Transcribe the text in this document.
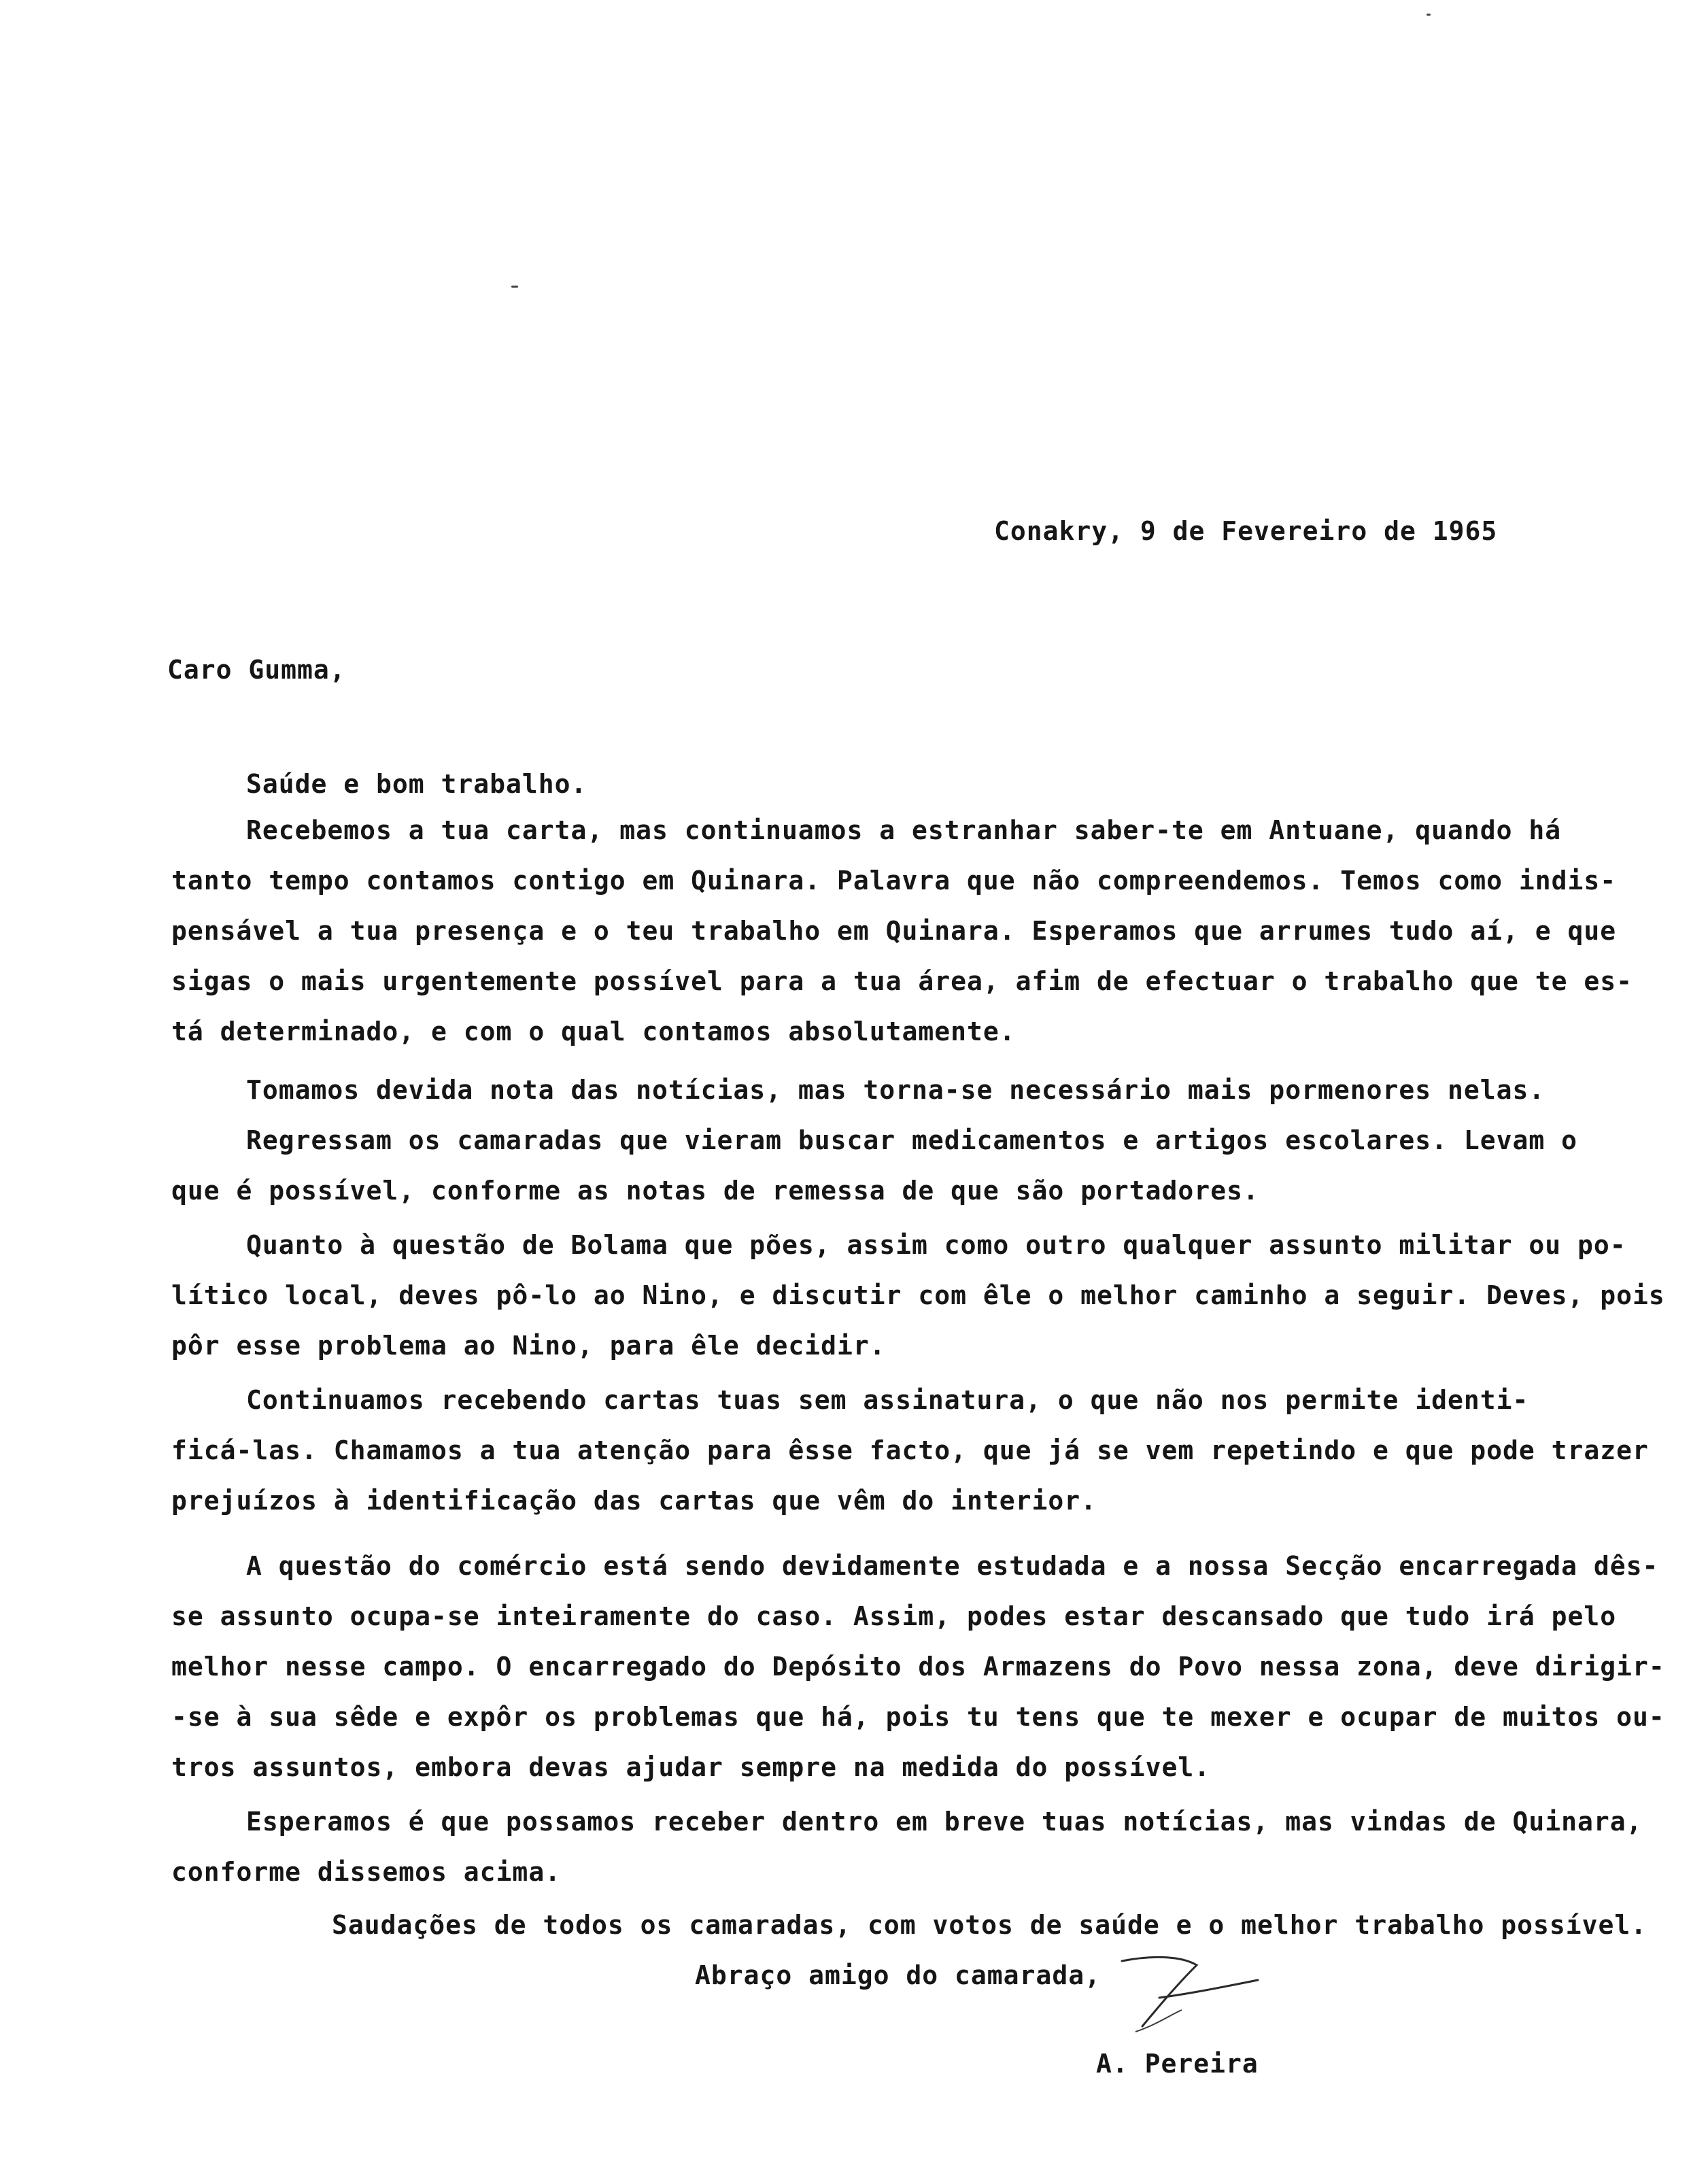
Conakry, 9 de Fevereiro de 1965
Caro Gumma,
Saúde e bom trabalho.
Recebemos a tua carta, mas continuamos a estranhar saber-te em Antuane, quando há
tanto tempo contamos contigo em Quinara. Palavra que não compreendemos. Temos como indis-
pensável a tua presença e o teu trabalho em Quinara. Esperamos que arrumes tudo aí, e que
sigas o mais urgentemente possível para a tua área, afim de efectuar o trabalho que te es-
tá determinado, e com o qual contamos absolutamente.
Tomamos devida nota das notícias, mas torna-se necessário mais pormenores nelas.
Regressam os camaradas que vieram buscar medicamentos e artigos escolares. Levam o
que é possível, conforme as notas de remessa de que são portadores.
Quanto à questão de Bolama que pões, assim como outro qualquer assunto militar ou po-
lítico local, deves pô-lo ao Nino, e discutir com êle o melhor caminho a seguir. Deves, pois
pôr esse problema ao Nino, para êle decidir.
Continuamos recebendo cartas tuas sem assinatura, o que não nos permite identi-
ficá-las. Chamamos a tua atenção para êsse facto, que já se vem repetindo e que pode trazer
prejuízos à identificação das cartas que vêm do interior.
A questão do comércio está sendo devidamente estudada e a nossa Secção encarregada dês-
se assunto ocupa-se inteiramente do caso. Assim, podes estar descansado que tudo irá pelo
melhor nesse campo. O encarregado do Depósito dos Armazens do Povo nessa zona, deve dirigir-
-se à sua sêde e expôr os problemas que há, pois tu tens que te mexer e ocupar de muitos ou-
tros assuntos, embora devas ajudar sempre na medida do possível.
Esperamos é que possamos receber dentro em breve tuas notícias, mas vindas de Quinara,
conforme dissemos acima.
Saudações de todos os camaradas, com votos de saúde e o melhor trabalho possível.
Abraço amigo do camarada,
A. Pereira
